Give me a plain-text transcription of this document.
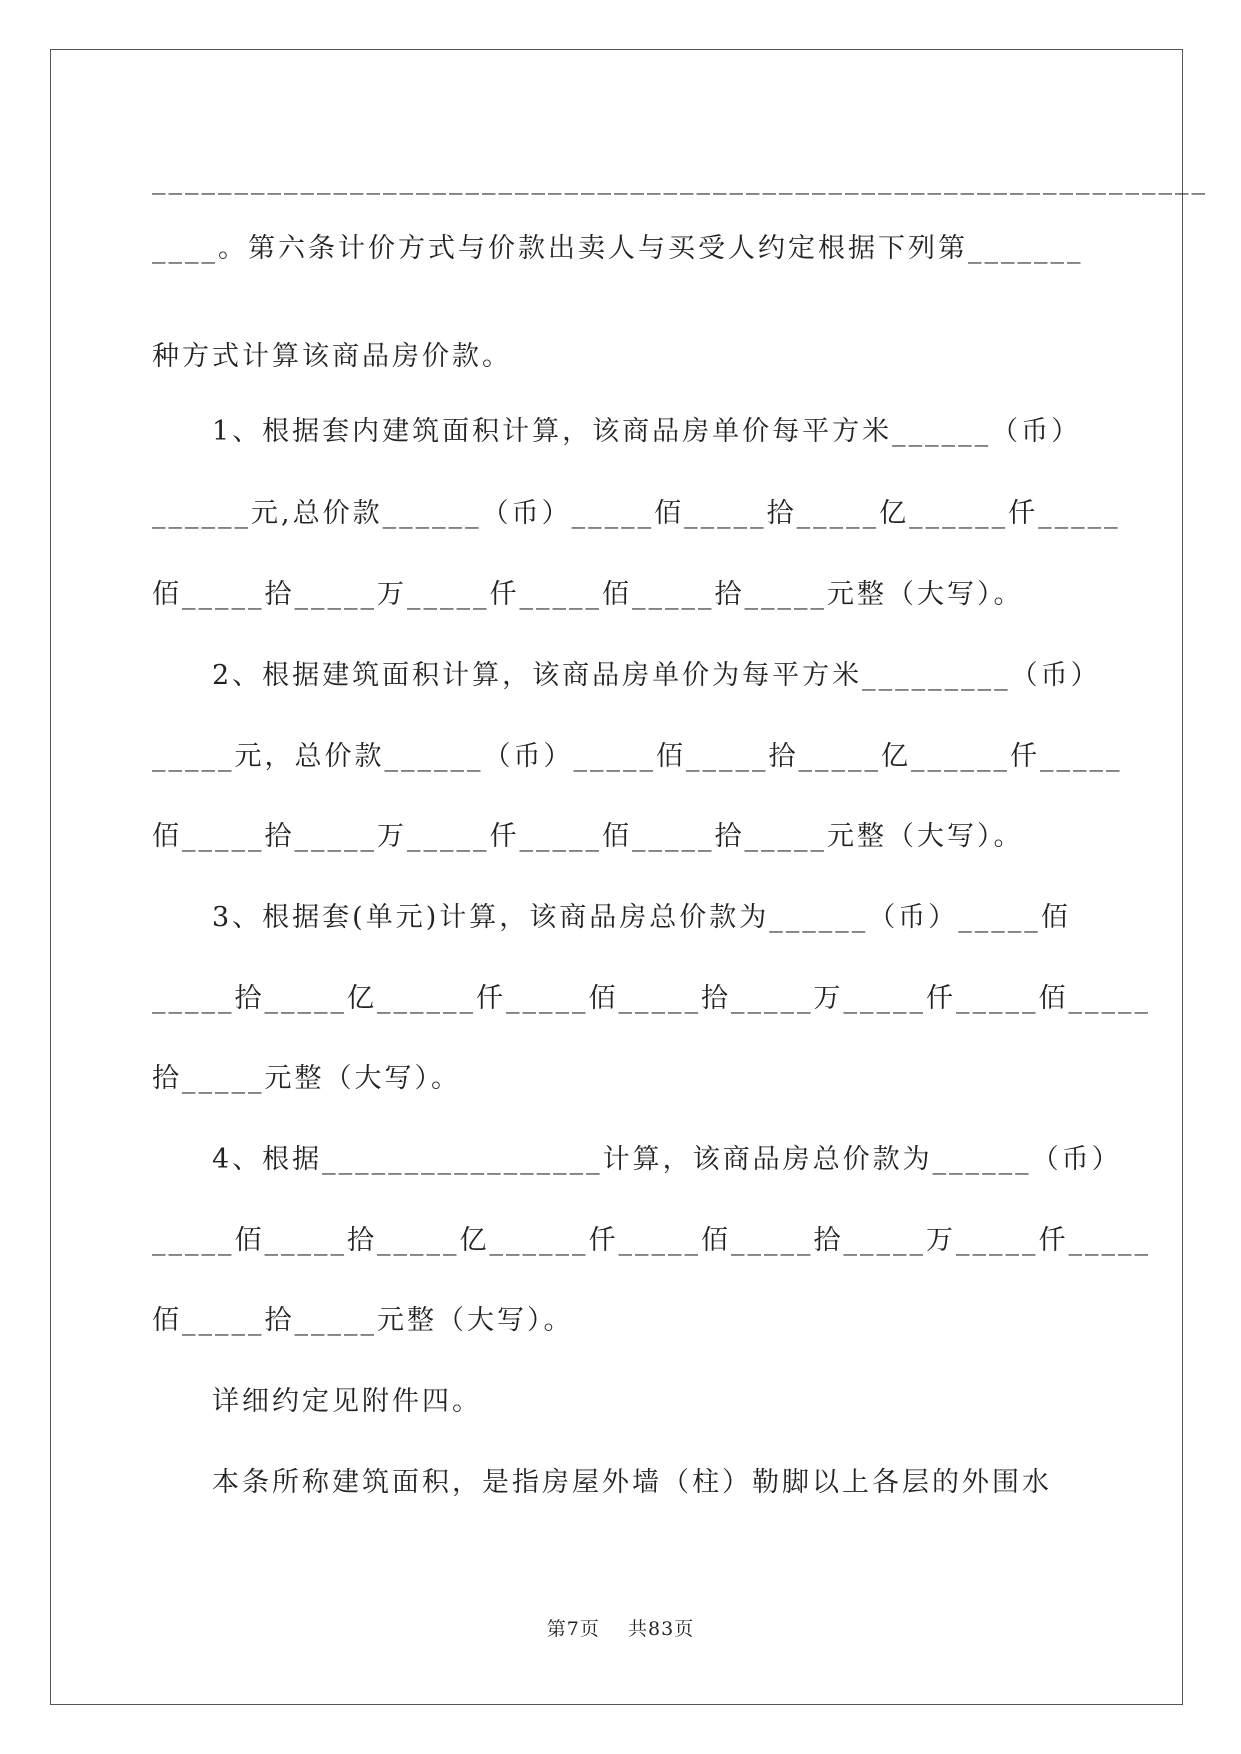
________________________________________________________________

____。第六条计价方式与价款出卖人与买受人约定根据下列第_______

种方式计算该商品房价款。

1、根据套内建筑面积计算，该商品房单价每平方米______（币）

______元,总价款______（币）_____佰_____拾_____亿______仟_____

佰_____拾_____万_____仟_____佰_____拾_____元整（大写）。

2、根据建筑面积计算，该商品房单价为每平方米_________（币）

_____元，总价款______（币）_____佰_____拾_____亿______仟_____

佰_____拾_____万_____仟_____佰_____拾_____元整（大写）。

3、根据套(单元)计算，该商品房总价款为______（币）_____佰

_____拾_____亿______仟_____佰_____拾_____万_____仟_____佰_____

拾_____元整（大写）。

4、根据_________________计算，该商品房总价款为______（币）

_____佰_____拾_____亿______仟_____佰_____拾_____万_____仟_____

佰_____拾_____元整（大写）。

详细约定见附件四。

本条所称建筑面积，是指房屋外墙（柱）勒脚以上各层的外围水

第7页    共83页
